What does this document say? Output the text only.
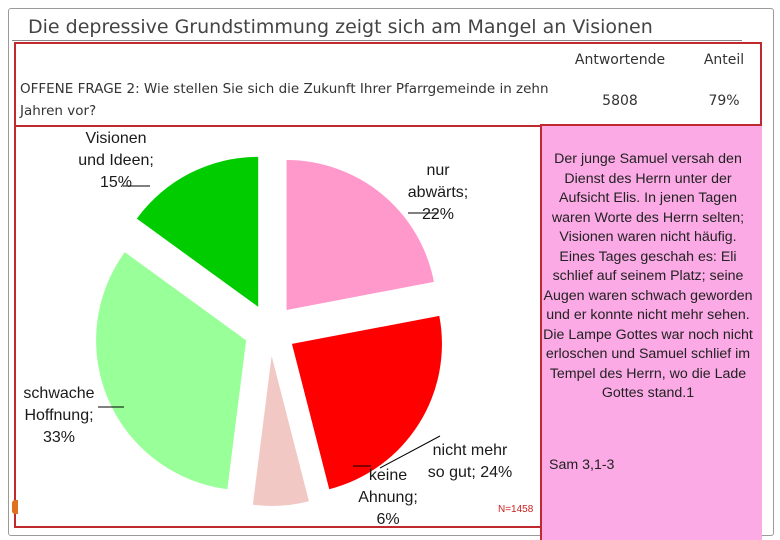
Die depressive Grundstimmung zeigt sich am Mangel an Visionen
Antwortende	Anteil
5808	79%
OFFENE FRAGE 2: Wie stellen Sie sich die Zukunft Ihrer Pfarrgemeinde in zehn Jahren vor?
Der junge Samuel versah den Dienst des Herrn unter der Aufsicht Elis. In jenen Tagen waren Worte des Herrn selten; Visionen waren nicht häufig.
Eines Tages geschah es: Eli schlief auf seinem Platz; seine Augen waren schwach geworden und er konnte nicht mehr sehen.
Die Lampe Gottes war noch nicht erloschen und Samuel schlief im Tempel des Herrn, wo die Lade Gottes stand.1
Sam 3,1-3
nur abwärts; 22%
nicht mehr so gut; 24%
keine Ahnung; 6%
schwache Hoffnung; 33%
Visionen und Ideen; 15%
N=1458
